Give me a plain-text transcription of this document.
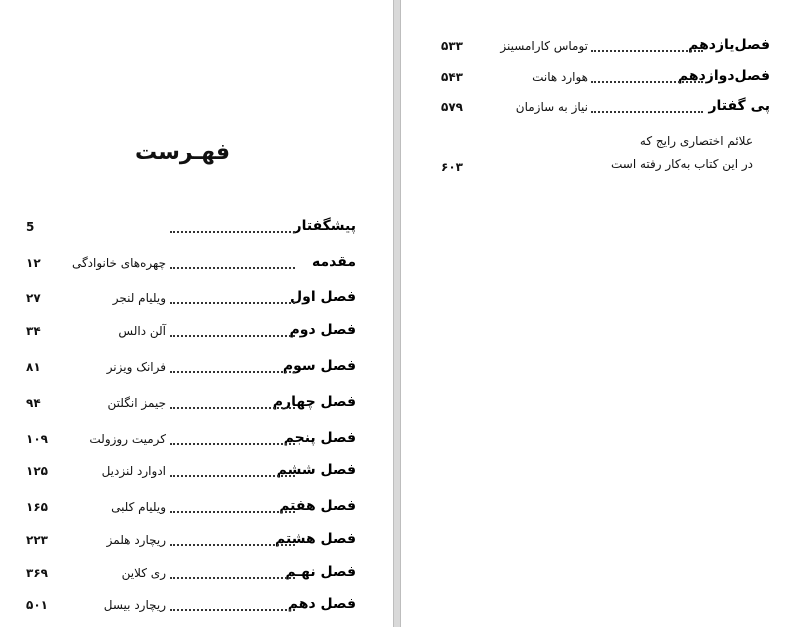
فهـرست
پیشگفتار
5
مقدمه
چهره‌های خانوادگی
۱۲
فصل اول
ویلیام لنجر
۲۷
فصل دوم
آلن دالس
۳۴
فصل سوم
فرانک ویزنر
۸۱
فصل چهارم
جیمز انگلتن
۹۴
فصل پنجم
کرمیت روزولت
۱۰۹
فصل ششم
ادوارد لنزدیل
۱۲۵
فصل هفتم
ویلیام کلبی
۱۶۵
فصل هشتم
ریچارد هلمز
۲۲۳
فصل نهـم
ری کلاین
۳۶۹
فصل دهم
ریچارد بیسل
۵۰۱
فصل‌یازدهم
توماس کارامسینز
۵۳۳
فصل‌دوازدهم
هوارد هانت
۵۴۳
پی گفتار
نیاز به سازمان
۵۷۹
علائم اختصاری رایج که
در این کتاب به‌کار رفته است
۶۰۳
